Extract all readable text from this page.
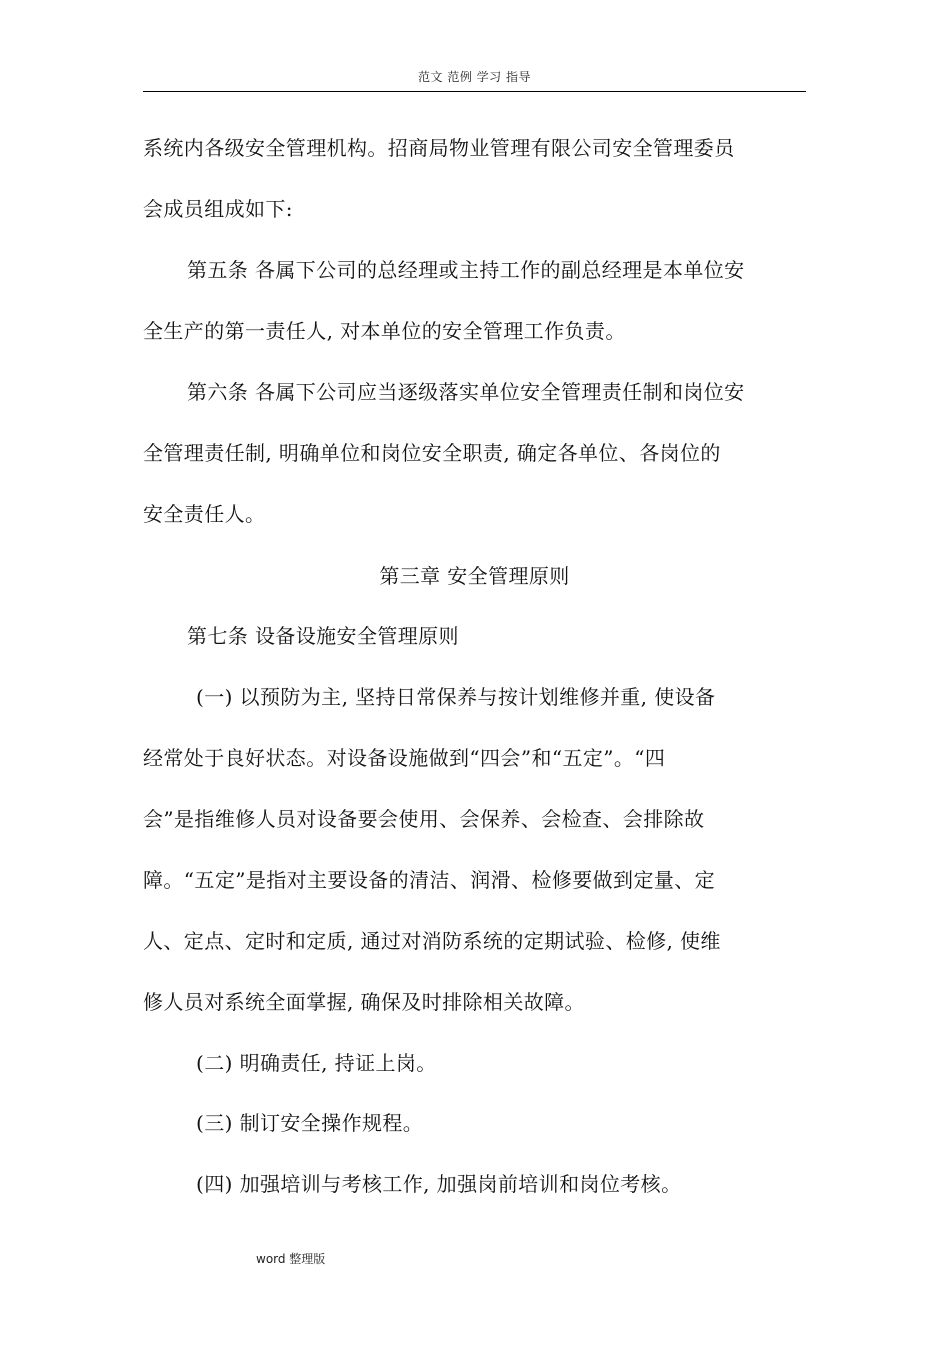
范文 范例 学习 指导
系统内各级安全管理机构。招商局物业管理有限公司安全管理委员
会成员组成如下:
第五条 各属下公司的总经理或主持工作的副总经理是本单位安
全生产的第一责任人, 对本单位的安全管理工作负责。
第六条 各属下公司应当逐级落实单位安全管理责任制和岗位安
全管理责任制, 明确单位和岗位安全职责, 确定各单位、各岗位的
安全责任人。
第三章 安全管理原则
第七条 设备设施安全管理原则
(一) 以预防为主, 坚持日常保养与按计划维修并重, 使设备
经常处于良好状态。对设备设施做到“四会”和“五定”。“四
会”是指维修人员对设备要会使用、会保养、会检查、会排除故
障。“五定”是指对主要设备的清洁、润滑、检修要做到定量、定
人、定点、定时和定质, 通过对消防系统的定期试验、检修, 使维
修人员对系统全面掌握, 确保及时排除相关故障。
(二) 明确责任, 持证上岗。
(三) 制订安全操作规程。
(四) 加强培训与考核工作, 加强岗前培训和岗位考核。
word 整理版
